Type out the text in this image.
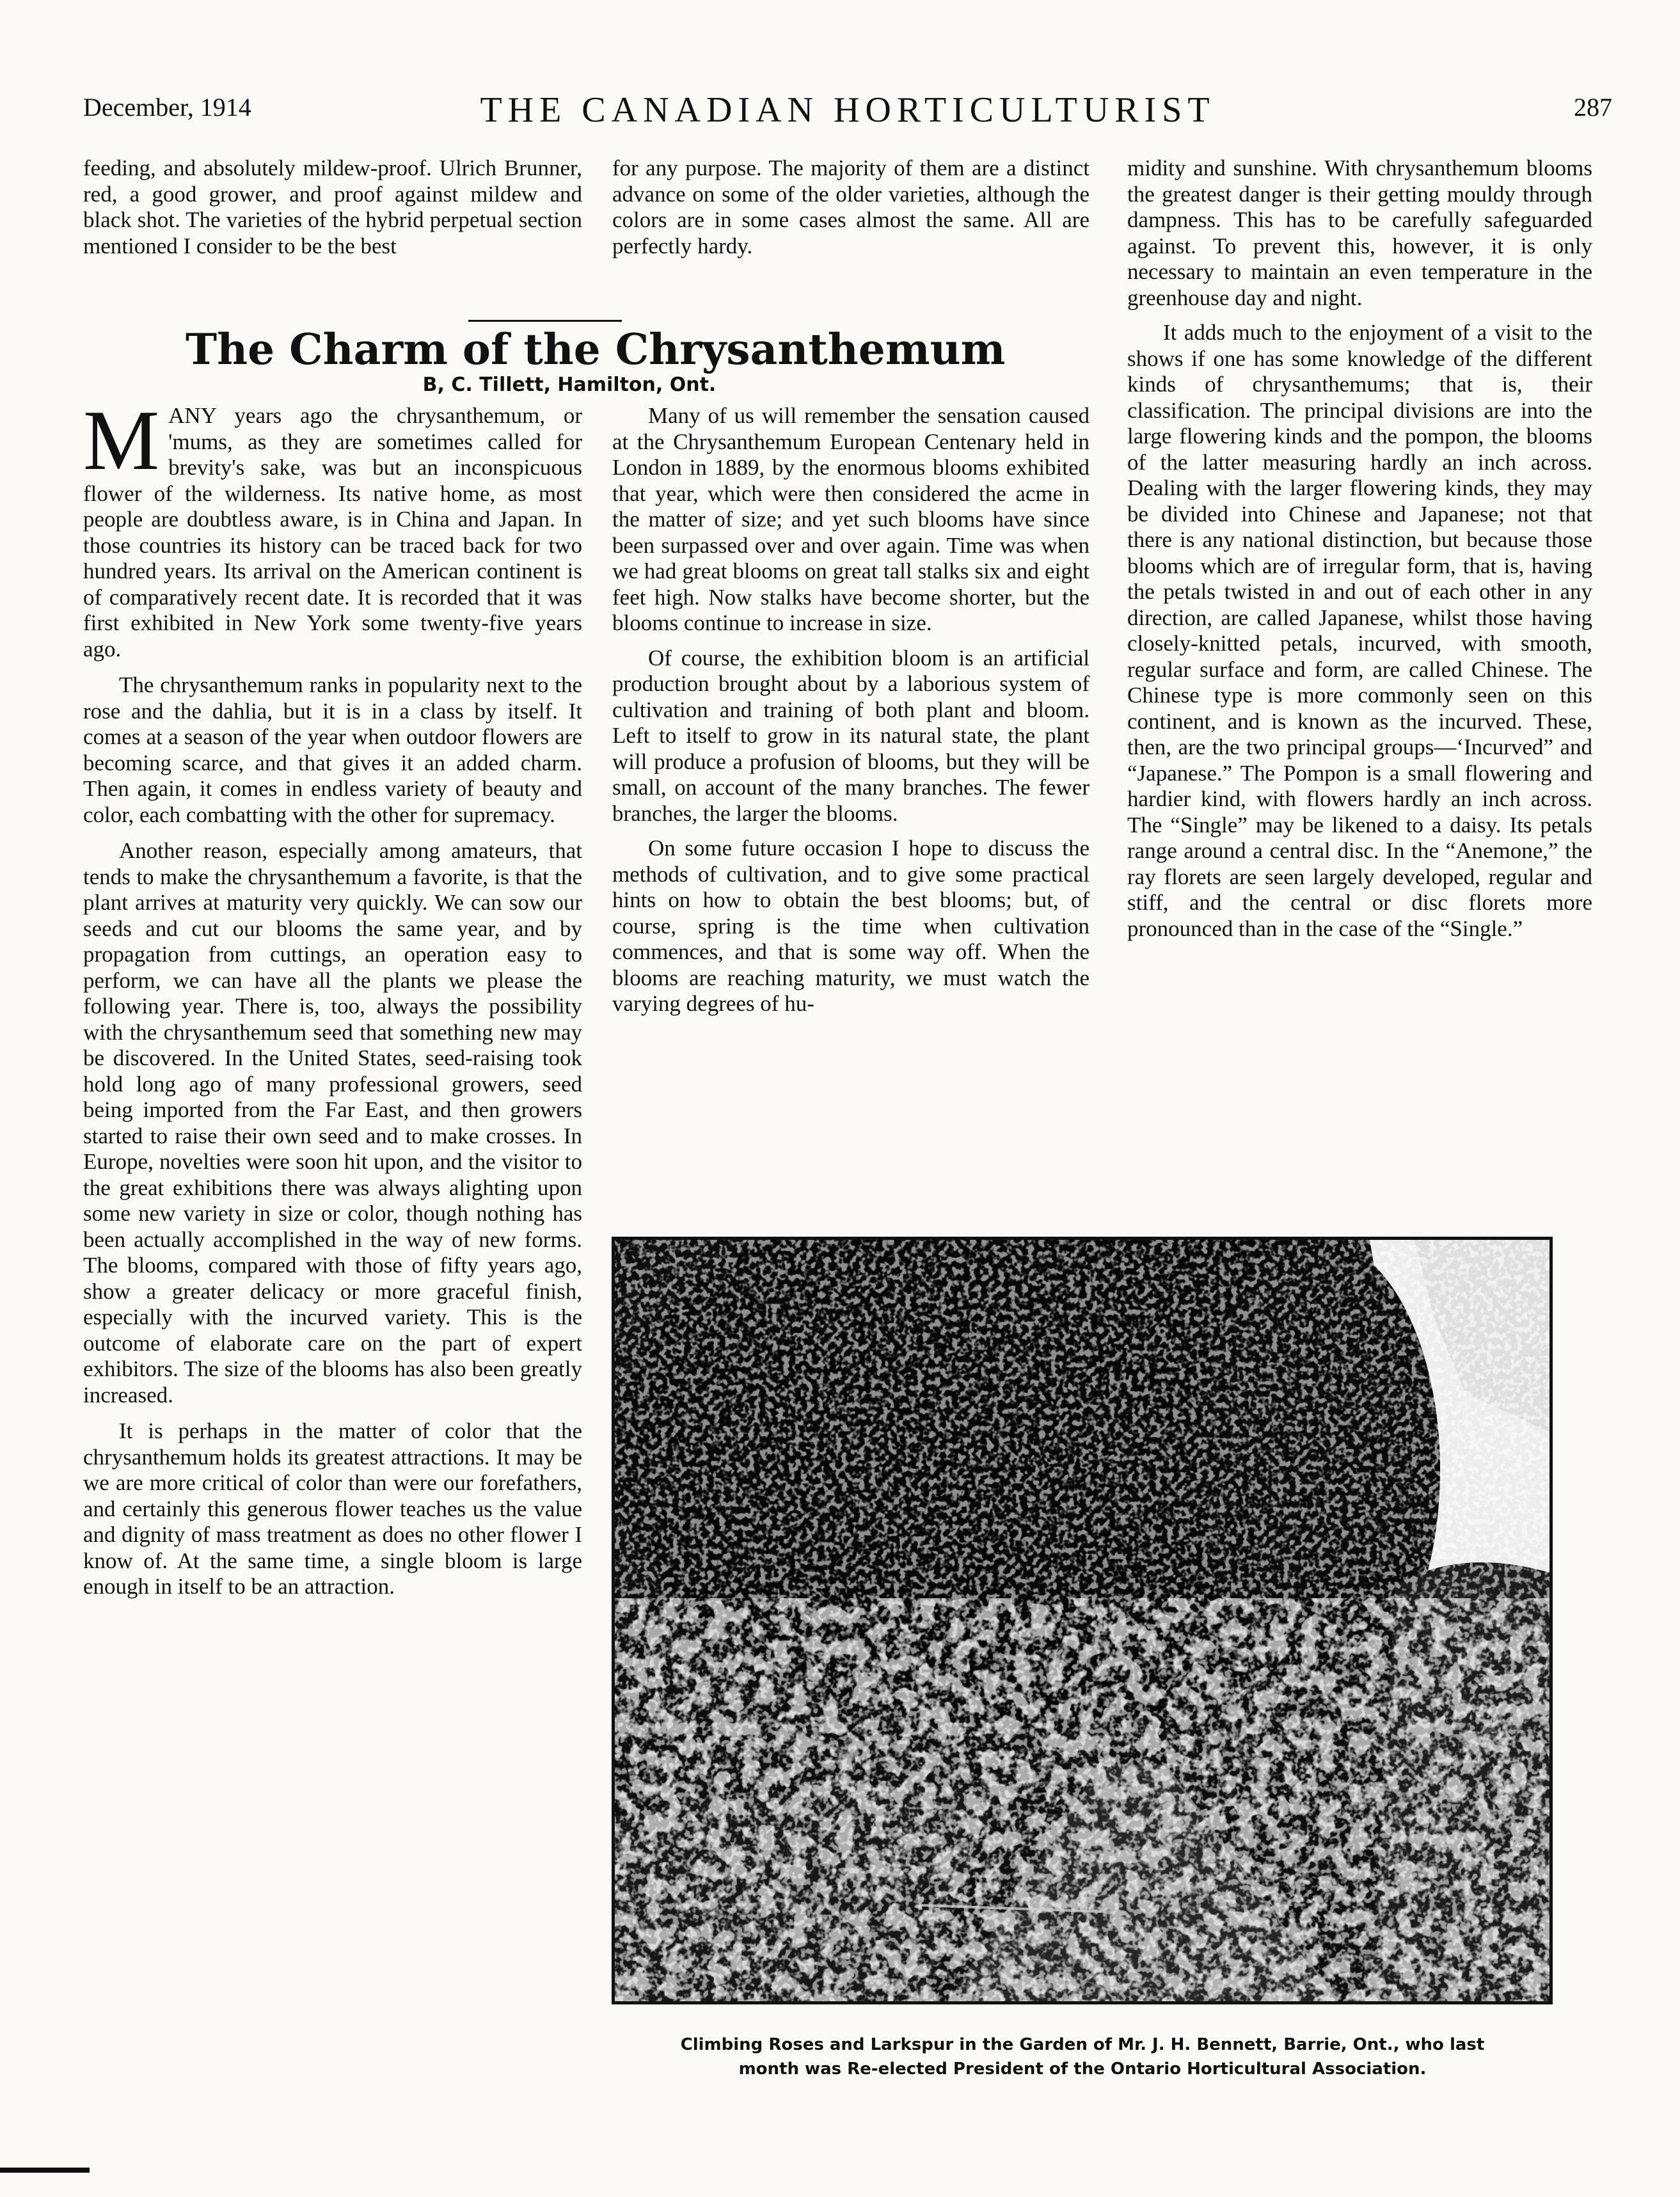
December, 1914	THE CANADIAN HORTICULTURIST	287

feeding, and absolutely mildew-proof. Ulrich Brunner, red, a good grower, and proof against mildew and black shot. The varieties of the hybrid perpetual section mentioned I consider to be the best

for any purpose. The majority of them are a distinct advance on some of the older varieties, although the colors are in some cases almost the same. All are perfectly hardy.

The Charm of the Chrysanthemum

B, C. Tillett, Hamilton, Ont.

MANY years ago the chrysanthemum, or 'mums, as they are sometimes called for brevity's sake, was but an inconspicuous flower of the wilderness. Its native home, as most people are doubtless aware, is in China and Japan. In those countries its history can be traced back for two hundred years. Its arrival on the American continent is of comparatively recent date. It is recorded that it was first exhibited in New York some twenty-five years ago.

The chrysanthemum ranks in popularity next to the rose and the dahlia, but it is in a class by itself. It comes at a season of the year when outdoor flowers are becoming scarce, and that gives it an added charm. Then again, it comes in endless variety of beauty and color, each combatting with the other for supremacy.

Another reason, especially among amateurs, that tends to make the chrysanthemum a favorite, is that the plant arrives at maturity very quickly. We can sow our seeds and cut our blooms the same year, and by propagation from cuttings, an operation easy to perform, we can have all the plants we please the following year. There is, too, always the possibility with the chrysanthemum seed that something new may be discovered. In the United States, seed-raising took hold long ago of many professional growers, seed being imported from the Far East, and then growers started to raise their own seed and to make crosses. In Europe, novelties were soon hit upon, and the visitor to the great exhibitions there was always alighting upon some new variety in size or color, though nothing has been actually accomplished in the way of new forms. The blooms, compared with those of fifty years ago, show a greater delicacy or more graceful finish, especially with the incurved variety. This is the outcome of elaborate care on the part of expert exhibitors. The size of the blooms has also been greatly increased.

It is perhaps in the matter of color that the chrysanthemum holds its greatest attractions. It may be we are more critical of color than were our forefathers, and certainly this generous flower teaches us the value and dignity of mass treatment as does no other flower I know of. At the same time, a single bloom is large enough in itself to be an attraction.

Many of us will remember the sensation caused at the Chrysanthemum European Centenary held in London in 1889, by the enormous blooms exhibited that year, which were then considered the acme in the matter of size; and yet such blooms have since been surpassed over and over again. Time was when we had great blooms on great tall stalks six and eight feet high. Now stalks have become shorter, but the blooms continue to increase in size.

Of course, the exhibition bloom is an artificial production brought about by a laborious system of cultivation and training of both plant and bloom. Left to itself to grow in its natural state, the plant will produce a profusion of blooms, but they will be small, on account of the many branches. The fewer branches, the larger the blooms.

On some future occasion I hope to discuss the methods of cultivation, and to give some practical hints on how to obtain the best blooms; but, of course, spring is the time when cultivation commences, and that is some way off. When the blooms are reaching maturity, we must watch the varying degrees of hu-

midity and sunshine. With chrysanthemum blooms the greatest danger is their getting mouldy through dampness. This has to be carefully safeguarded against. To prevent this, however, it is only necessary to maintain an even temperature in the greenhouse day and night.

It adds much to the enjoyment of a visit to the shows if one has some knowledge of the different kinds of chrysanthemums; that is, their classification. The principal divisions are into the large flowering kinds and the pompon, the blooms of the latter measuring hardly an inch across. Dealing with the larger flowering kinds, they may be divided into Chinese and Japanese; not that there is any national distinction, but because those blooms which are of irregular form, that is, having the petals twisted in and out of each other in any direction, are called Japanese, whilst those having closely-knitted petals, incurved, with smooth, regular surface and form, are called Chinese. The Chinese type is more commonly seen on this continent, and is known as the incurved. These, then, are the two principal groups—‘Incurved” and “Japanese.” The Pompon is a small flowering and hardier kind, with flowers hardly an inch across. The “Single” may be likened to a daisy. Its petals range around a central disc. In the “Anemone,” the ray florets are seen largely developed, regular and stiff, and the central or disc florets more pronounced than in the case of the “Single.”

Climbing Roses and Larkspur in the Garden of Mr. J. H. Bennett, Barrie, Ont., who last
month was Re-elected President of the Ontario Horticultural Association.
